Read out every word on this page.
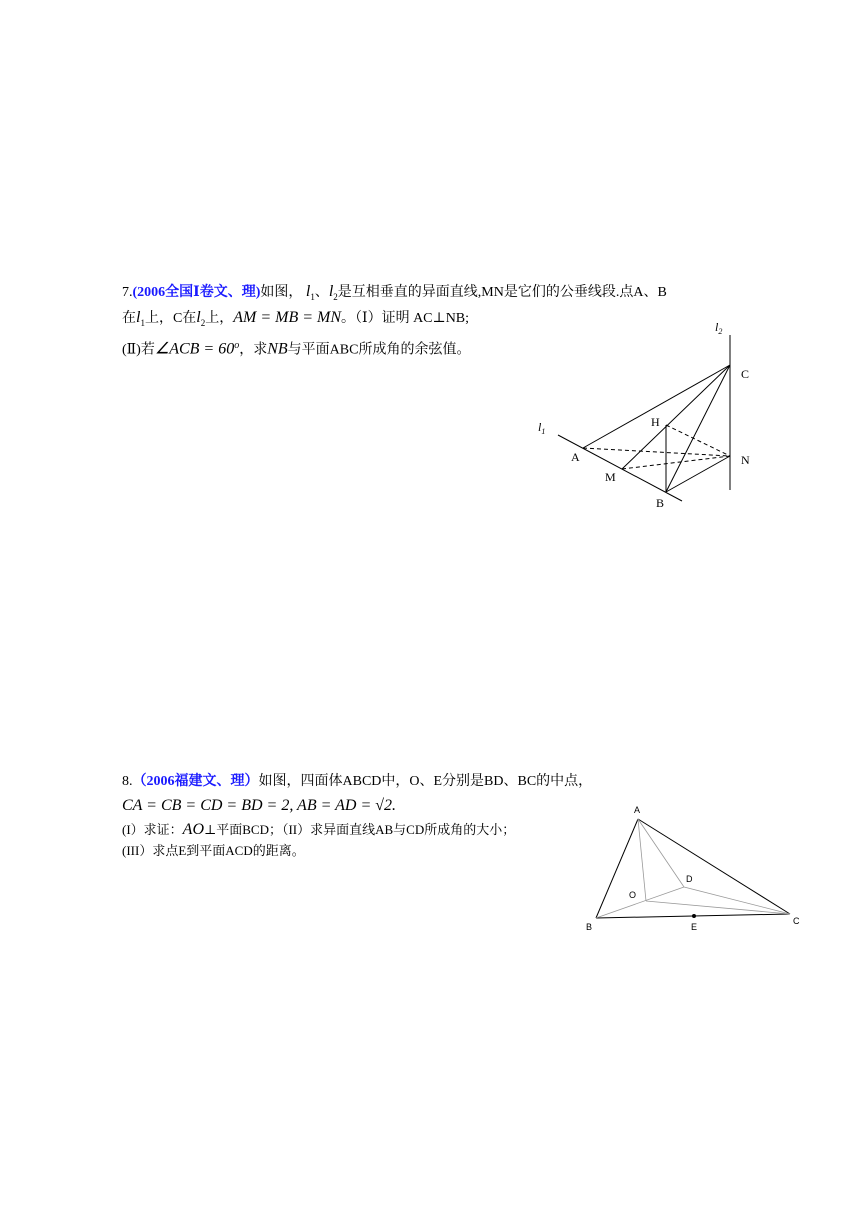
7.(2006全国Ⅰ卷文、理)如图， $l_1$、$l_2$是互相垂直的异面直线,MN是它们的公垂线段.点A、B
在$l_1$上，C在$l_2$上，AM = MB = MN。（Ⅰ）证明 AC⊥NB;
(Ⅱ)若∠ACB = $60^o$，求NB与平面ABC所成角的余弦值。
$l_2$
C
$l_1$
H
A	N
M
B
8.（2006福建文、理）如图，四面体ABCD中，O、E分别是BD、BC的中点，
CA = CB = CD = BD = 2, AB = AD = √2.
(I）求证：AO⊥平面BCD；（II）求异面直线AB与CD所成角的大小；
(III）求点E到平面ACD的距离。
A
D
O
B	E
C
